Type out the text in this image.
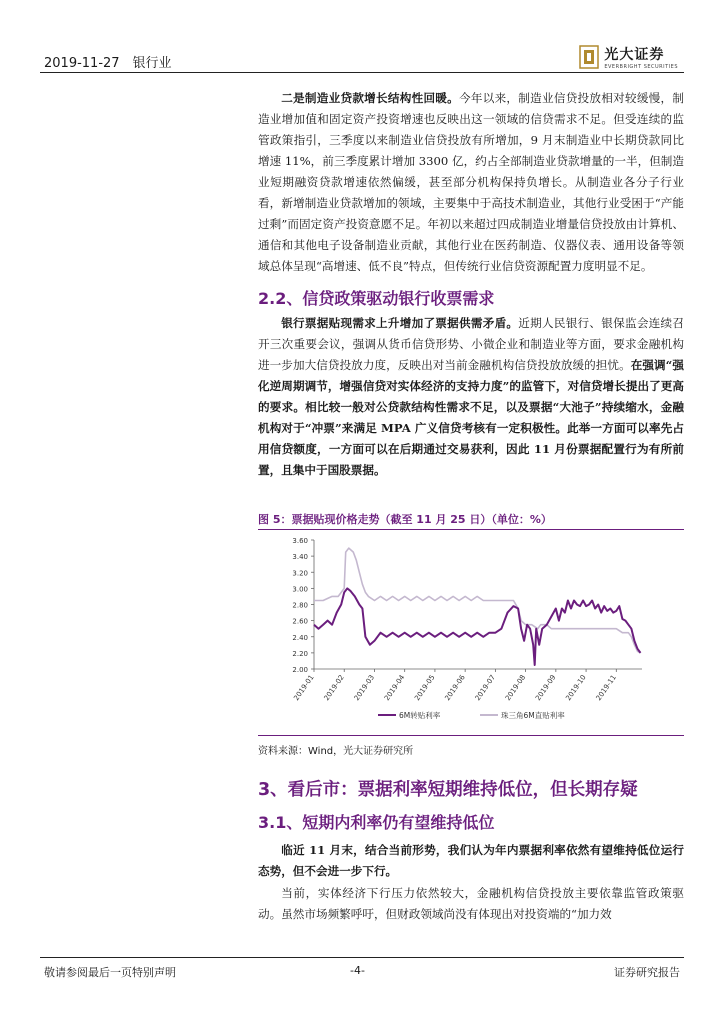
2019-11-27　银行业
光大证券
EVERBRIGHT SECURITIES

二是制造业贷款增长结构性回暖。今年以来，制造业信贷投放相对较缓慢，制造业增加值和固定资产投资增速也反映出这一领域的信贷需求不足。但受连续的监管政策指引，三季度以来制造业信贷投放有所增加，9 月末制造业中长期贷款同比增速 11%，前三季度累计增加 3300 亿，约占全部制造业贷款增量的一半，但制造业短期融资贷款增速依然偏缓，甚至部分机构保持负增长。从制造业各分子行业看，新增制造业贷款增加的领域，主要集中于高技术制造业，其他行业受困于“产能过剩”而固定资产投资意愿不足。年初以来超过四成制造业增量信贷投放由计算机、通信和其他电子设备制造业贡献，其他行业在医药制造、仪器仪表、通用设备等领域总体呈现“高增速、低不良”特点，但传统行业信贷资源配置力度明显不足。

2.2、信贷政策驱动银行收票需求

银行票据贴现需求上升增加了票据供需矛盾。近期人民银行、银保监会连续召开三次重要会议，强调从货币信贷形势、小微企业和制造业等方面，要求金融机构进一步加大信贷投放力度，反映出对当前金融机构信贷投放放缓的担忧。在强调“强化逆周期调节，增强信贷对实体经济的支持力度”的监管下，对信贷增长提出了更高的要求。相比较一般对公贷款结构性需求不足，以及票据“大池子”持续缩水，金融机构对于“冲票”来满足 MPA 广义信贷考核有一定积极性。此举一方面可以率先占用信贷额度，一方面可以在后期通过交易获利，因此 11 月份票据配置行为有所前置，且集中于国股票据。

图 5：票据贴现价格走势（截至 11 月 25 日）（单位：%）
3.60
3.40
3.20
3.00
2.80
2.60
2.40
2.20
2.00
2019-01 2019-02 2019-03 2019-04 2019-05 2019-06 2019-07 2019-08 2019-09 2019-10 2019-11
6M转贴利率	珠三角6M直贴利率
资料来源：Wind，光大证券研究所
3、看后市：票据利率短期维持低位，但长期存疑
3.1、短期内利率仍有望维持低位

临近 11 月末，结合当前形势，我们认为年内票据利率依然有望维持低位运行态势，但不会进一步下行。

当前，实体经济下行压力依然较大，金融机构信贷投放主要依靠监管政策驱动。虽然市场频繁呼吁，但财政领域尚没有体现出对投资端的“加力效

敬请参阅最后一页特别声明	-4-	证券研究报告
